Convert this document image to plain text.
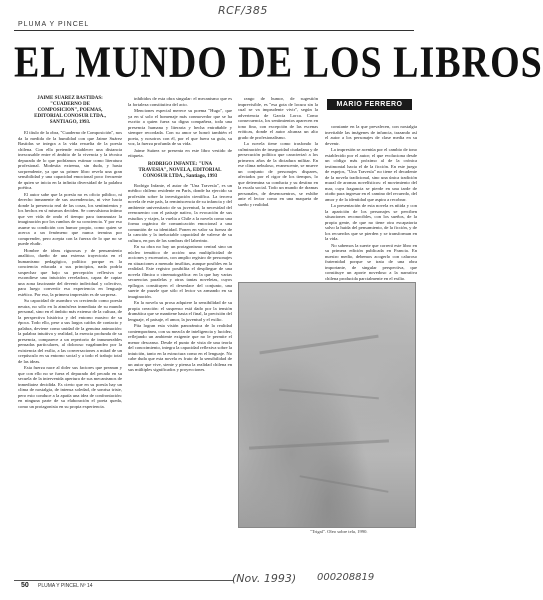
RCF/385
PLUMA Y PINCEL
EL MUNDO DE LOS LIBROS
JAIME SUAREZ BASTIDAS:
"CUADERNO DE
COMPOSICION", POEMAS,
EDITORIAL CONOSUR LTDA.,
SANTIAGO, 1993.

El título de la obra, "Cuaderno de Composición", nos da la medida de la humildad con que Jaime Suárez Bastidas se integra a la vida resuelta de la poesía chilena. Con ella pretende establecer una distancia inexcusable entre el ámbito de la vivencia y la técnica depurada de lo que podríamos estimar como literatura profesional. Modestia extrema, sin duda, y hasta sorprendente, ya que su primer libro revela una gran sensibilidad y una capacidad emocional poco frecuente de quien se inicia en la infinita diversidad de la palabra poética.

El autor sabe que la poesía no es oficio público, ni derecho inmanente de sus ascendencias, ni vive hacia donde la presencia real de las cosas, los sentimientos y los hechos en sí mismos deciden. Se convulsiona íntimo que ver vida de ondo el tiempo para transmutar la imaginación por los rumbos de su conciencia. Y por eso asume su condición con humor propio, como quien se acerca a un fenómeno que nunca termina por comprender, pero acepta con la fuerza de lo que no se puede eludir.

Hombre de ideas rigurosas y de pensamiento analítico, dueño de una extensa trayectoria en el humanismo pedagógico, político porque es la conciencia educada a sus principios, nada podría sospechar que bajo su percepción reflexiva se escondiese una intuición reveladora, capaz de captar una zona fascinante del devenir individual y colectivo, para luego convertir esa experiencia en lenguaje estético. Por eso, la primera impresión es de sorpresa.

Su capacidad de asombro va creciendo como poesía neutra, no sólo en la atmósfera inmediata de su mundo personal, sino en el ámbito más extenso de la cultura, de la perspectiva histórica y del entorno masivo de su época. Todo ello, pese a sus largos caídos de contacto y palabra, deviene como unidad de la genuina animación: la palabra intuitiva y realidad, la esencia profunda de su presencia, comparece a un repertorio de innumerables pensadas particulares, al doloroso vagabundeo por la existencia del exilio, a las conversaciones a mitad de un crepúsculo en su entorno social y a todo el trabajo total de las ideas.

Esta fuerza nace al doler sus factores que preanan y que con ello no se fuera el depurado del pecado en su secuela de la intervenida apertura de sus mecanismos de inmediatez decidida. Es cierto que en su poesía hay un clima de nostalgia, de intensa soledad, de sonrisa triste, pero esto conduce a la apatía una idea de confrontación: en ninguna parte de su elaboración el poeta queda, como un protagonista en su propia experiencia.

inhibidos de esta obra singular: el mecanismo que es la fortaleza constitutiva del acto.

Menciones especial merece su poema "Hugo", que ya en sí solo el homenaje más conmovedor que se ha escrito a quien fuera su digna compañera, toda una presencia humana y literaria y hecha entrañable y siempre recordada. Con su amor se honró también el poeta, y nosotros con él, por el que fuera su guía, su voz, la fuerza profunda de su vida.

Jaime Suárez se presenta en este libro vestido de etiqueta.

RODRIGO INFANTE: "UNA
TRAVESIA", NOVELA, EDITORIAL
CONOSUR LTDA., Santiago, 1993

Rodrigo Infante, el autor de "Una Travesía", es un médico chileno residente en París, donde ha ejercido su profesión sobre la investigación científica. La tercera novela de este país, la reminiscencia de su infancia y del ambiente universitario de su juventud, la necesidad del reencuentro con el paisaje nativo, la evocación de sus estudios y viajes, la vuelta a Chile a la novela como una forma orgánica de comunicación emocional a una comunión de su identidad. Ponen en valor su fuerza de la canción y la ineluctable capacidad de valerse de su cultura, en pos de las sombras del laberinto.

En su obra no hay un protagonismo central sino un núcleo temático de acción: una multiplicidad de acciones y escenarios, con amplio registro de personajes en situaciones a menudo insólitas, aunque posibles en la realidad. Este registro posibilita el despliegue de una novela fílmica o cinematográfica: en la que hay varias secuencias paralelas y otras tantas noveletas, cuyos epílogos constituyen el desenlace del conjunto, una suerte de puzzle que sólo el lector va armando en su imaginación.

En la novela su prosa adquiere la sensibilidad de su propia creación: el suspenso está dado por la tensión dramática que se mantiene hasta el final, la precisión del lenguaje, el paisaje, el amor, la juventud y el exilio.

Pita logran esta visión panorámica de la realidad contemporánea, con su mezcla de inteligencia y lucidez, reflejando un ambiente exigente que no le permite el menor descanso. Desde el punto de vista de una teoría del conocimiento, integra la capacidad reflexiva sobre la intuición, tanto en la estructura como en el lenguaje. No cabe duda que esta novela es fruto de la sensibilidad de un autor que vive, siente y piensa la realidad chilena en sus múltiples significados y proyecciones.

rango de humor, de sugestión imprevisible, es "esa gota de locura sin la cual se va imprudente vivir", según la advertencia de García Lorca. Como consecuencia, los sentimientos aparecen en tono fino, con excepción de las escenas eróticas, donde el autor alcanza un alto grado de profesionalismo.

La novela tiene como trasfondo la culminación de inseguridad ciudadana y de persecución política que caracterizó a los primeros años de la dictadura militar. En ese clima nebuloso, evanescente, se mueve un conjunto de personajes dispares, afectados por el rigor de los tiempos, lo que determina su conducta y su destino en la escala social. Todo un mundo de dramas personales, de desencuentros, se exhibe ante el lector como en una maqueta de sueño y realidad.

MARIO FERRERO

constante en la que prevalecen, con nostalgia inevitable las imágenes de infancia, trazando así el autor a los personajes de clase media en su devenir.

La impresión se acentúa por el cambio de tono establecido por el autor; el que evoluciona desde un código más próximo al de la crónica testimonial hacia el de la ficción. En este juego de espejos, "Una Travesía" no tiene el decadente de la novela tradicional, sino una única tradición mural de aromas novelísticos: el movimiento del mar, cuya fragancia se pierde en una tarde de otoño para ingresar en el camino del recuerdo, del amor y de la identidad que aspira a recobrar.

La presentación de esta novela es nítida y con la aparición de los personajes se perciben situaciones reconocibles, con los sueños, de la propia gente, de que no tiene otra escapatoria salvo la huida del pensamiento, de la ficción, y de los recuerdos que se pierden y se transforman en la vida.

No sabemos la suerte que correrá este libro en su primera edición publicada en Francia. En nuestro medio, debemos acogerlo con caluroso fraternidad porque se trata de una obra importante, de singular perspectiva, que constituye un aporte novedoso a la narrativa chilena producida parcialmente en el exilio.

"Trigal". Oleo sobre tela, 1990.
50 PLUMA Y PINCEL Nº 14
(Nov. 1993) 000208819
